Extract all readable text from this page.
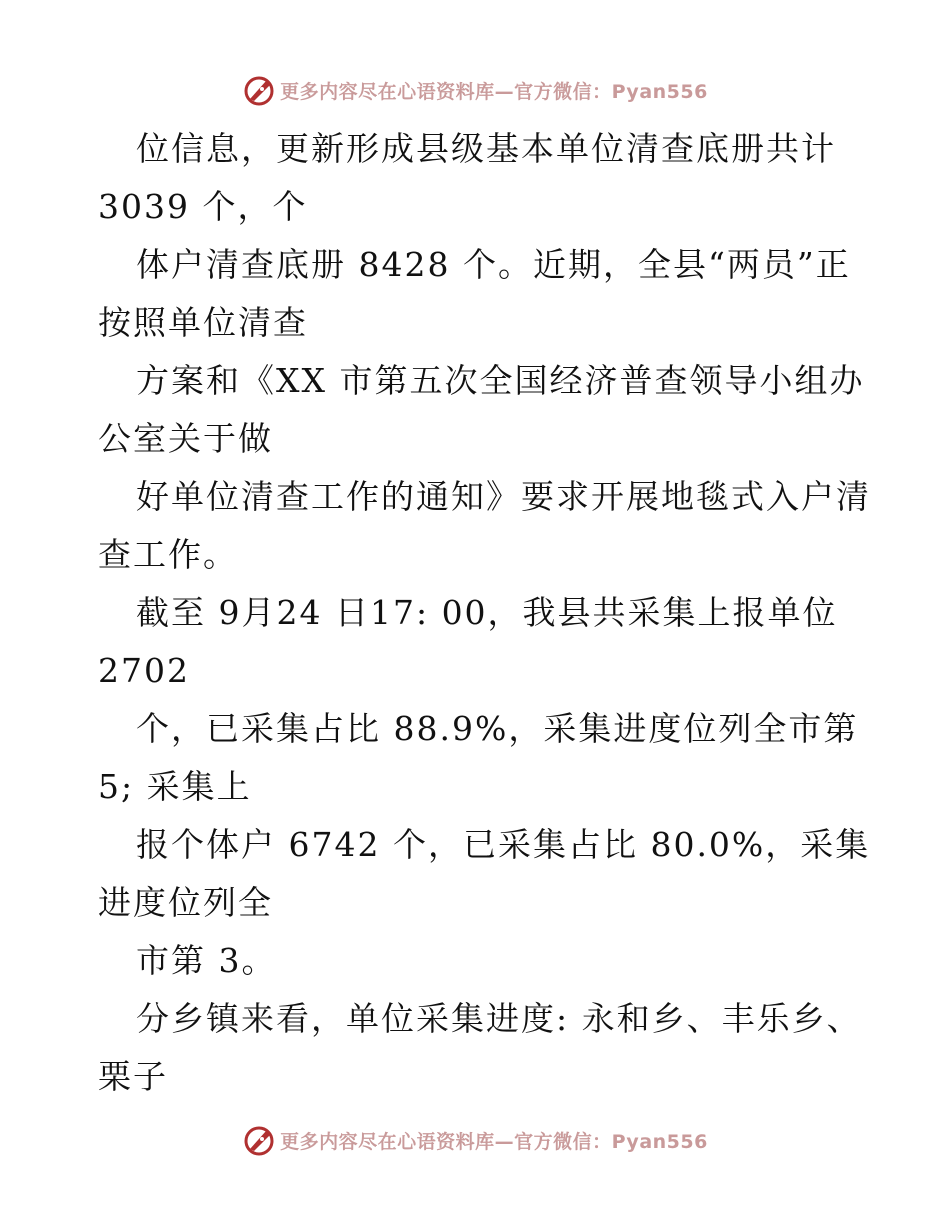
更多内容尽在心语资料库—官方微信：Pyan556
位信息，更新形成县级基本单位清查底册共计
3039 个，个
体户清查底册 8428 个。近期，全县“两员”正
按照单位清查
方案和《XX 市第五次全国经济普查领导小组办
公室关于做
好单位清查工作的通知》要求开展地毯式入户清
查工作。
截至 9月24 日17: 00，我县共采集上报单位
2702
个，已采集占比 88.9%，采集进度位列全市第
5; 采集上
报个体户 6742 个，已采集占比 80.0%，采集
进度位列全
市第 3。
分乡镇来看，单位采集进度: 永和乡、丰乐乡、
栗子
更多内容尽在心语资料库—官方微信：Pyan556
